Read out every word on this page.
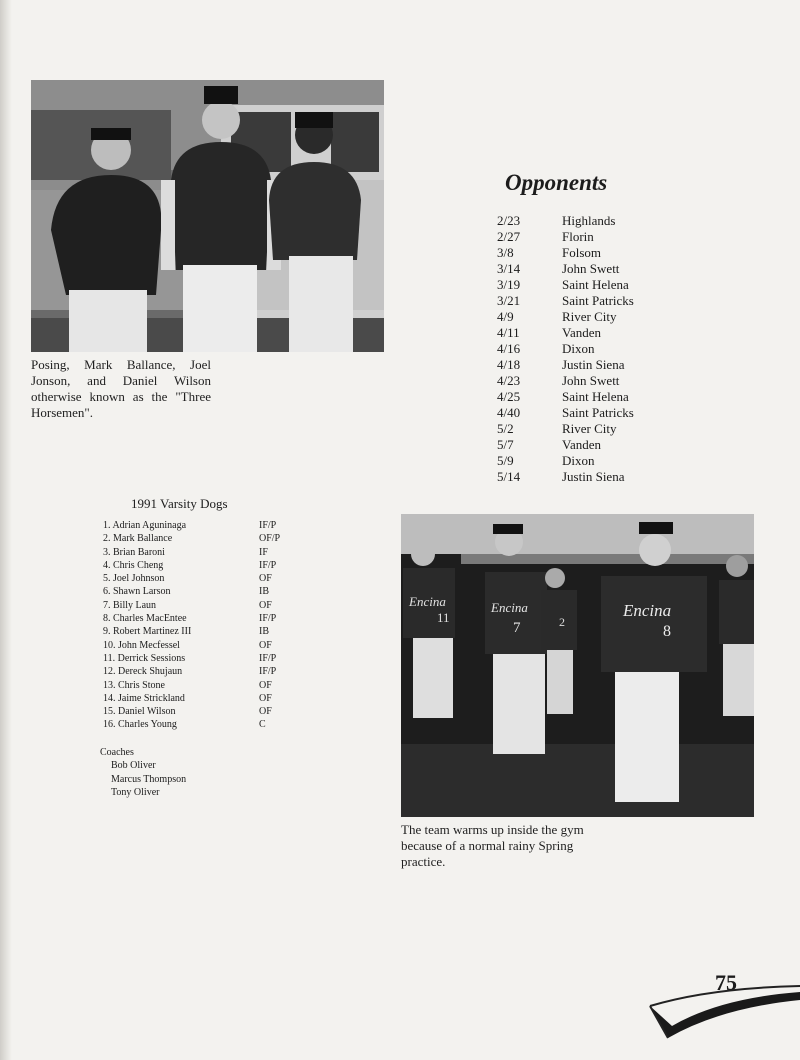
Posing, Mark Ballance, Joel Jonson, and Daniel Wilson otherwise known as the "Three Horsemen".
Opponents
2/23	Highlands
2/27	Florin
3/8	Folsom
3/14	John Swett
3/19	Saint Helena
3/21	Saint Patricks
4/9	River City
4/11	Vanden
4/16	Dixon
4/18	Justin Siena
4/23	John Swett
4/25	Saint Helena
4/40	Saint Patricks
5/2	River City
5/7	Vanden
5/9	Dixon
5/14	Justin Siena
1991 Varsity Dogs
1. Adrian Aguninaga	IF/P
2. Mark Ballance	OF/P
3. Brian Baroni	IF
4. Chris Cheng	IF/P
5. Joel Johnson	OF
6. Shawn Larson	IB
7. Billy Laun	OF
8. Charles MacEntee	IF/P
9. Robert Martinez III	IB
10. John Mecfessel	OF
11. Derrick Sessions	IF/P
12. Dereck Shujaun	IF/P
13. Chris Stone	OF
14. Jaime Strickland	OF
15. Daniel Wilson	OF
16. Charles Young	C
Coaches
Bob Oliver
Marcus Thompson
Tony Oliver
Encina
11
Encina
7	2
Encina
8
The team warms up inside the gym because of a normal rainy Spring practice.
75
